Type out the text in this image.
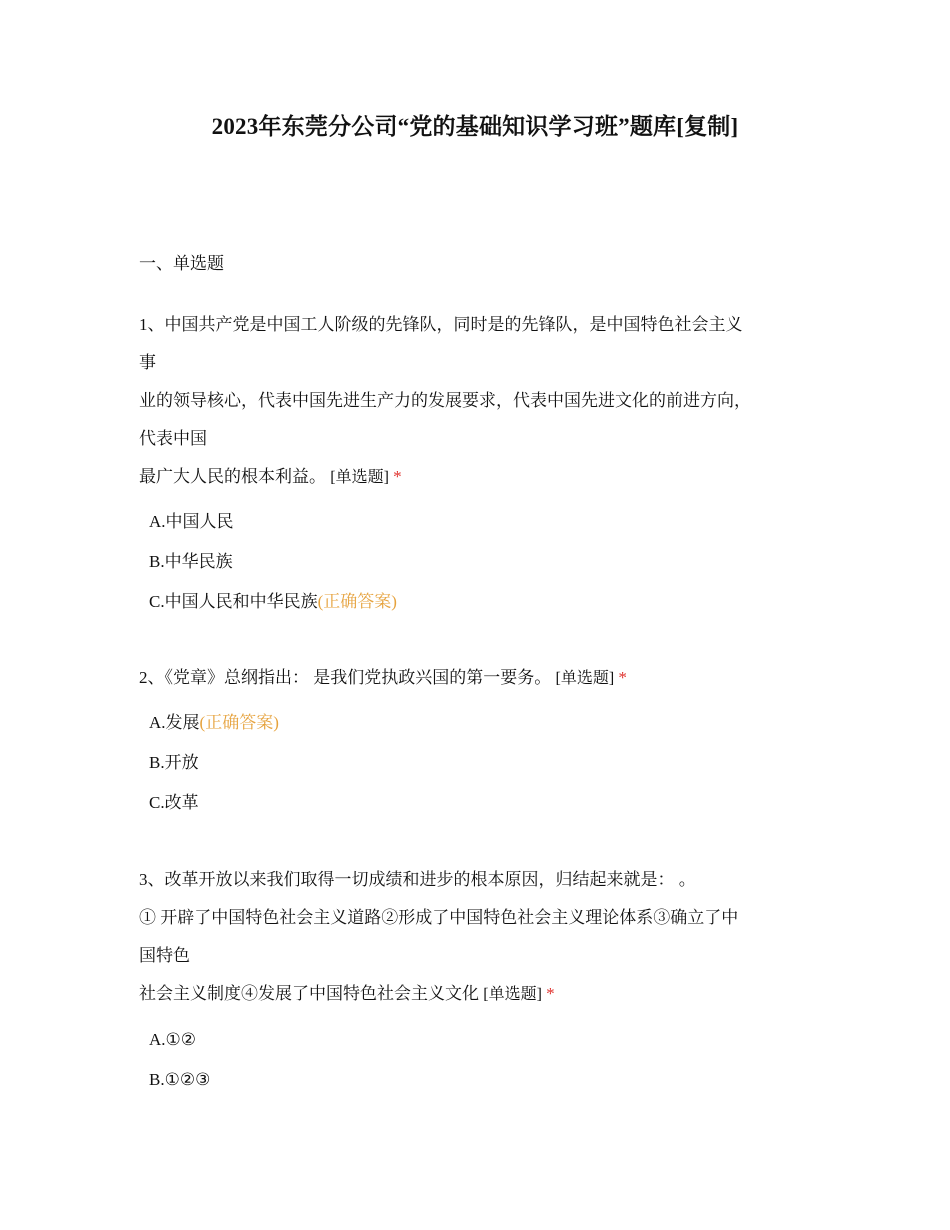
2023年东莞分公司“党的基础知识学习班”题库[复制]
一、单选题
1、中国共产党是中国工人阶级的先锋队，同时是的先锋队，是中国特色社会主义
事
业的领导核心，代表中国先进生产力的发展要求，代表中国先进文化的前进方向，
代表中国
最广大人民的根本利益。 [单选题] *
A.中国人民
B.中华民族
C.中国人民和中华民族(正确答案)
2、《党章》总纲指出： 是我们党执政兴国的第一要务。 [单选题] *
A.发展(正确答案)
B.开放
C.改革
3、改革开放以来我们取得一切成绩和进步的根本原因，归结起来就是： 。
① 开辟了中国特色社会主义道路②形成了中国特色社会主义理论体系③确立了中
国特色
社会主义制度④发展了中国特色社会主义文化 [单选题] *
A.①②
B.①②③
